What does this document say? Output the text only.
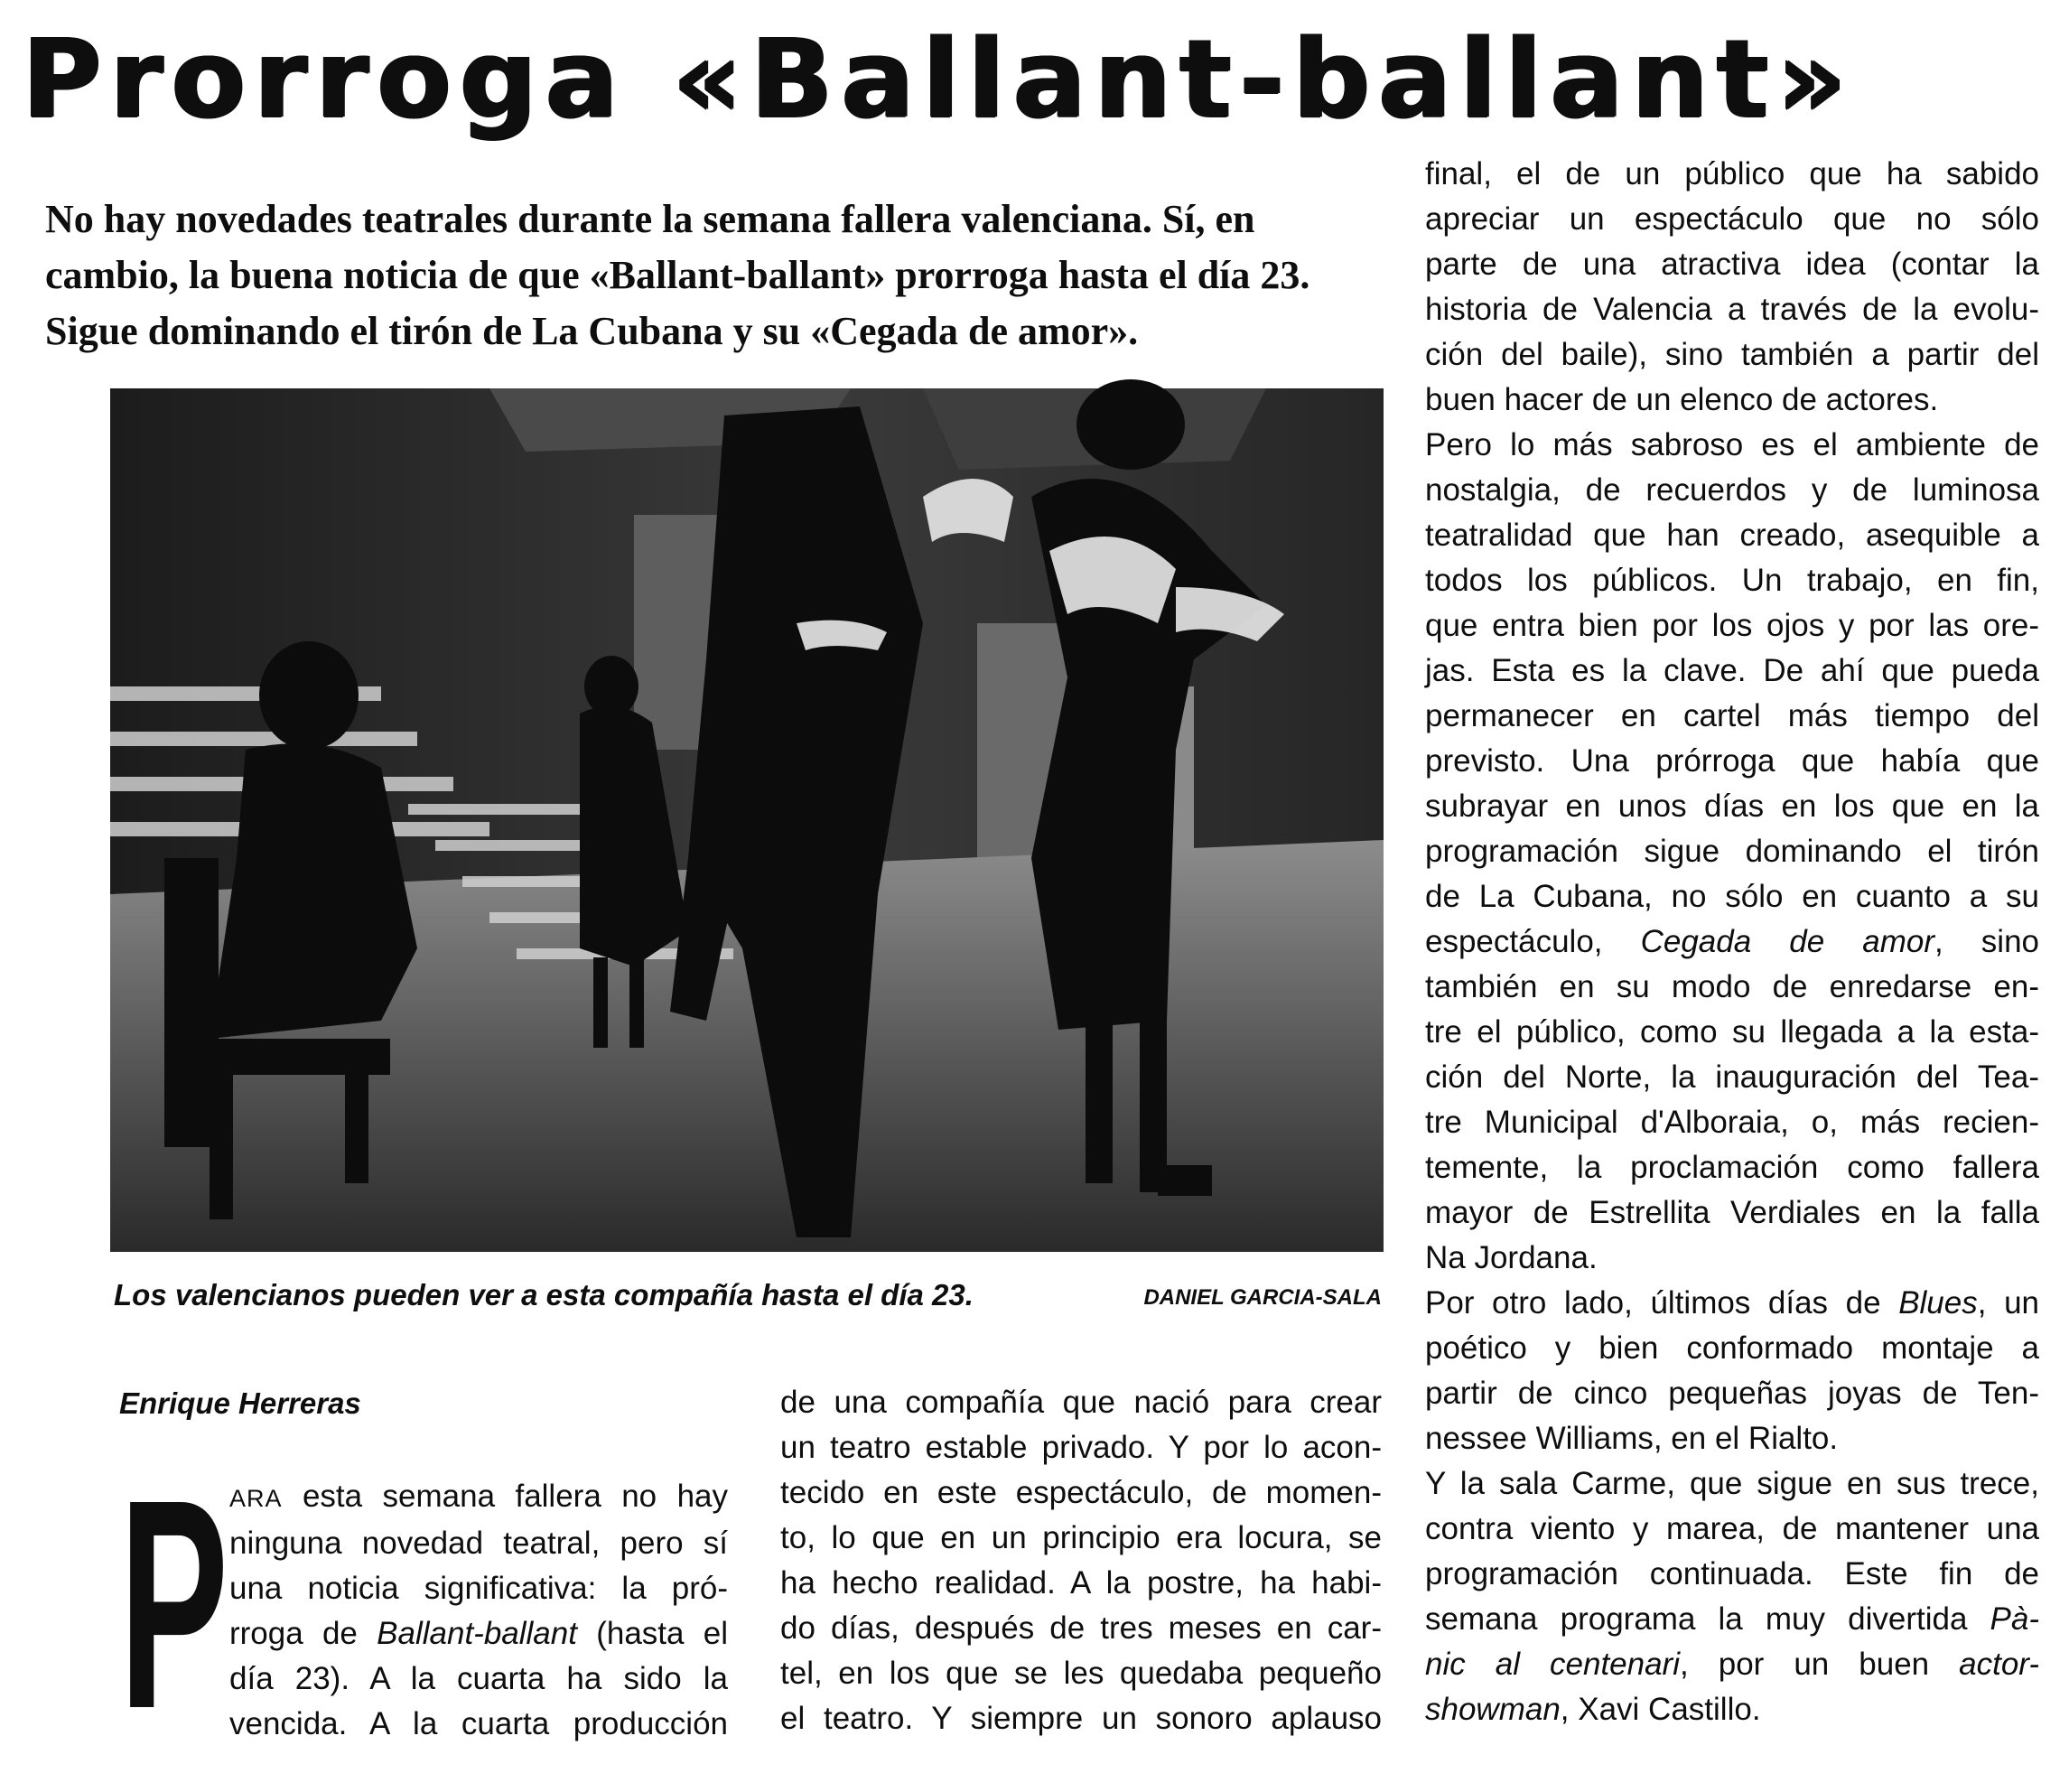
Prorroga «Ballant-ballant»

No hay novedades teatrales durante la semana fallera valenciana. Sí, en cambio, la buena noticia de que «Ballant-ballant» prorroga hasta el día 23. Sigue dominando el tirón de La Cubana y su «Cegada de amor».

Los valencianos pueden ver a esta compañía hasta el día 23.	DANIEL GARCIA-SALA
Enrique Herreras
P ARA esta semana fallera no hay
ninguna novedad teatral, pero sí
una noticia significativa: la pró-
rroga de Ballant-ballant (hasta el
día 23). A la cuarta ha sido la
vencida. A la cuarta producción

de una compañía que nació para crear
un teatro estable privado. Y por lo acon-
tecido en este espectáculo, de momen-
to, lo que en un principio era locura, se
ha hecho realidad. A la postre, ha habi-
do días, después de tres meses en car-
tel, en los que se les quedaba pequeño
el teatro. Y siempre un sonoro aplauso

final, el de un público que ha sabido
apreciar un espectáculo que no sólo
parte de una atractiva idea (contar la
historia de Valencia a través de la evolu-
ción del baile), sino también a partir del
buen hacer de un elenco de actores.
Pero lo más sabroso es el ambiente de
nostalgia, de recuerdos y de luminosa
teatralidad que han creado, asequible a
todos los públicos. Un trabajo, en fin,
que entra bien por los ojos y por las ore-
jas. Esta es la clave. De ahí que pueda
permanecer en cartel más tiempo del
previsto. Una prórroga que había que
subrayar en unos días en los que en la
programación sigue dominando el tirón
de La Cubana, no sólo en cuanto a su
espectáculo, Cegada de amor, sino
también en su modo de enredarse en-
tre el público, como su llegada a la esta-
ción del Norte, la inauguración del Tea-
tre Municipal d'Alboraia, o, más recien-
temente, la proclamación como fallera
mayor de Estrellita Verdiales en la falla
Na Jordana.
Por otro lado, últimos días de Blues, un
poético y bien conformado montaje a
partir de cinco pequeñas joyas de Ten-
nessee Williams, en el Rialto.
Y la sala Carme, que sigue en sus trece,
contra viento y marea, de mantener una
programación continuada. Este fin de
semana programa la muy divertida Pà-
nic al centenari, por un buen actor-
showman, Xavi Castillo.
